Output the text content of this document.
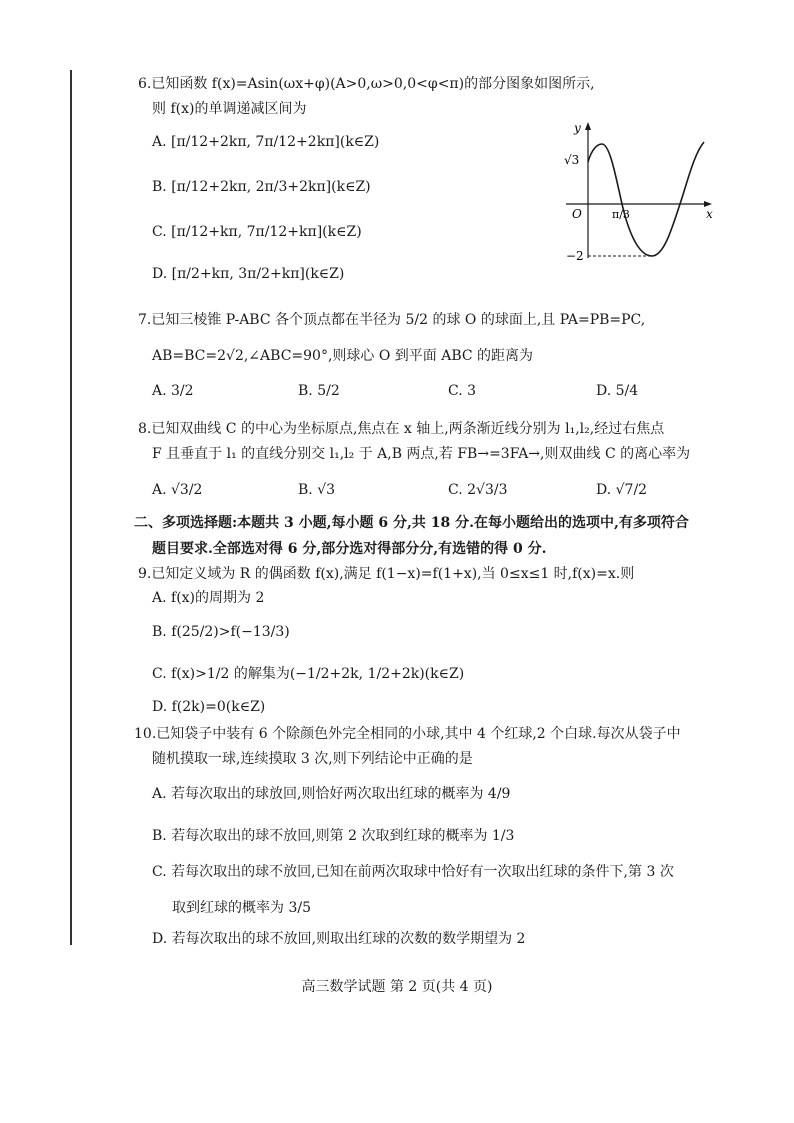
6.已知函数 f(x)=Asin(ωx+φ)(A>0,ω>0,0<φ<π)的部分图象如图所示,
则 f(x)的单调递减区间为
A. [π/12+2kπ, 7π/12+2kπ](k∈Z)
B. [π/12+2kπ, 2π/3+2kπ](k∈Z)
C. [π/12+kπ, 7π/12+kπ](k∈Z)
D. [π/2+kπ, 3π/2+kπ](k∈Z)
y
x
O
√3
−2
π/3
7.已知三棱锥 P-ABC 各个顶点都在半径为 5/2 的球 O 的球面上,且 PA=PB=PC,
AB=BC=2√2,∠ABC=90°,则球心 O 到平面 ABC 的距离为
A. 3/2	B. 5/2	C. 3	D. 5/4
8.已知双曲线 C 的中心为坐标原点,焦点在 x 轴上,两条渐近线分别为 l₁,l₂,经过右焦点
F 且垂直于 l₁ 的直线分别交 l₁,l₂ 于 A,B 两点,若 FB→=3FA→,则双曲线 C 的离心率为
A. √3/2	B. √3	C. 2√3/3	D. √7/2
二、多项选择题:本题共 3 小题,每小题 6 分,共 18 分.在每小题给出的选项中,有多项符合
题目要求.全部选对得 6 分,部分选对得部分分,有选错的得 0 分.
9.已知定义域为 R 的偶函数 f(x),满足 f(1−x)=f(1+x),当 0≤x≤1 时,f(x)=x.则
A. f(x)的周期为 2
B. f(25/2)>f(−13/3)
C. f(x)>1/2 的解集为(−1/2+2k, 1/2+2k)(k∈Z)
D. f(2k)=0(k∈Z)
10.已知袋子中装有 6 个除颜色外完全相同的小球,其中 4 个红球,2 个白球.每次从袋子中
随机摸取一球,连续摸取 3 次,则下列结论中正确的是
A. 若每次取出的球放回,则恰好两次取出红球的概率为 4/9
B. 若每次取出的球不放回,则第 2 次取到红球的概率为 1/3
C. 若每次取出的球不放回,已知在前两次取球中恰好有一次取出红球的条件下,第 3 次
取到红球的概率为 3/5
D. 若每次取出的球不放回,则取出红球的次数的数学期望为 2
高三数学试题 第 2 页(共 4 页)
